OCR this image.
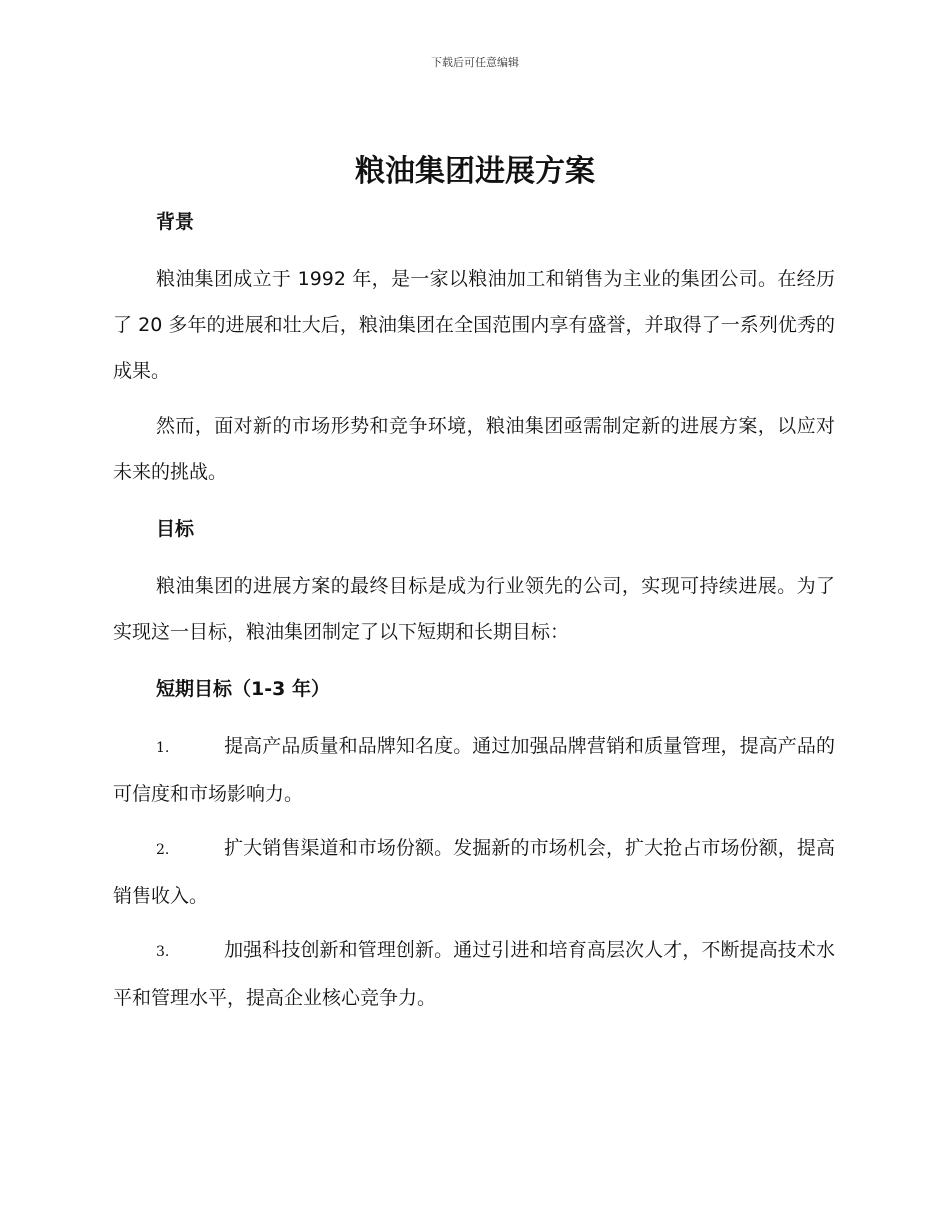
下载后可任意编辑
粮油集团进展方案
背景

粮油集团成立于 1992 年，是一家以粮油加工和销售为主业的集团公司。在经历了 20 多年的进展和壮大后，粮油集团在全国范围内享有盛誉，并取得了一系列优秀的成果。

然而，面对新的市场形势和竞争环境，粮油集团亟需制定新的进展方案，以应对未来的挑战。

目标

粮油集团的进展方案的最终目标是成为行业领先的公司，实现可持续进展。为了实现这一目标，粮油集团制定了以下短期和长期目标：

短期目标（1-3 年）

1.	提高产品质量和品牌知名度。通过加强品牌营销和质量管理，提高产品的可信度和市场影响力。

2.	扩大销售渠道和市场份额。发掘新的市场机会，扩大抢占市场份额，提高销售收入。

3.	加强科技创新和管理创新。通过引进和培育高层次人才，不断提高技术水平和管理水平，提高企业核心竞争力。
